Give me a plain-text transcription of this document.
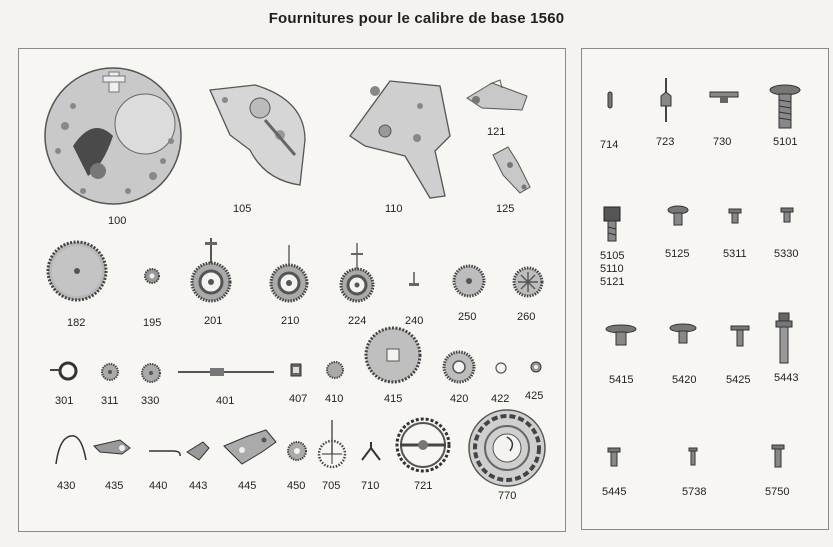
Fournitures pour le calibre de base 1560
100
105	110
121
125
182	195	201	210	224	240	250	260
301	311 330	401	407 410	415	420 422 425
430	435 440 443	445	450 705 710	721
770
714	723	730	5101
5105
5110
5121
5125	5311 5330
5415	5420	5425 5443
5445	5738	5750
